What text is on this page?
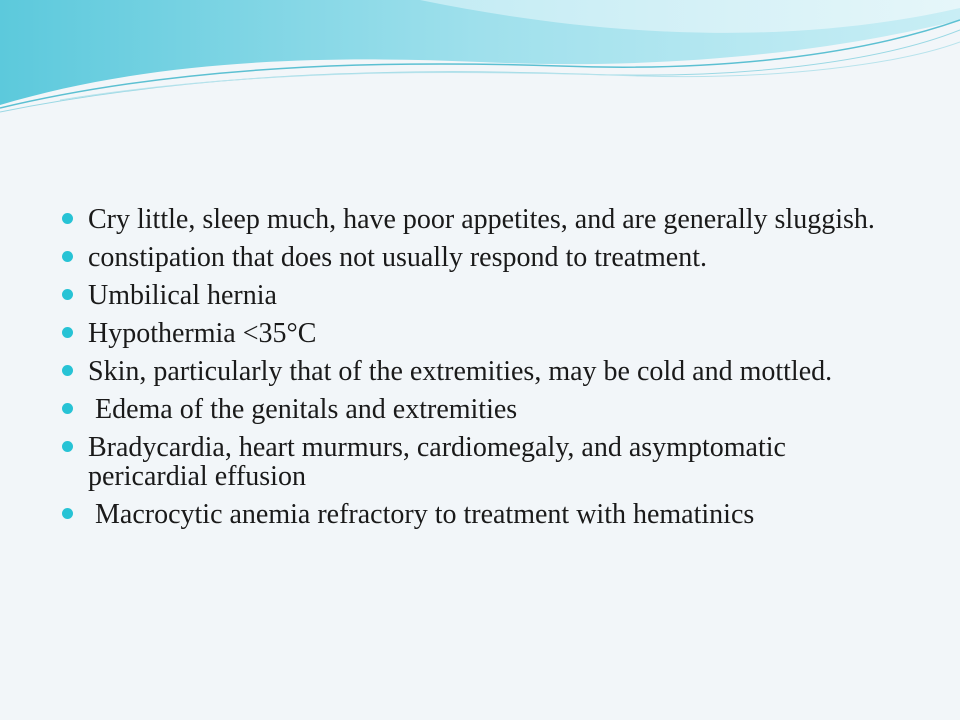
Cry little, sleep much, have poor appetites, and are generally sluggish.
constipation that does not usually respond to treatment.
Umbilical hernia
Hypothermia <35°C
Skin, particularly that of the extremities, may be cold and mottled.
Edema of the genitals and extremities
Bradycardia, heart murmurs, cardiomegaly, and asymptomatic pericardial effusion
Macrocytic anemia refractory to treatment with hematinics
